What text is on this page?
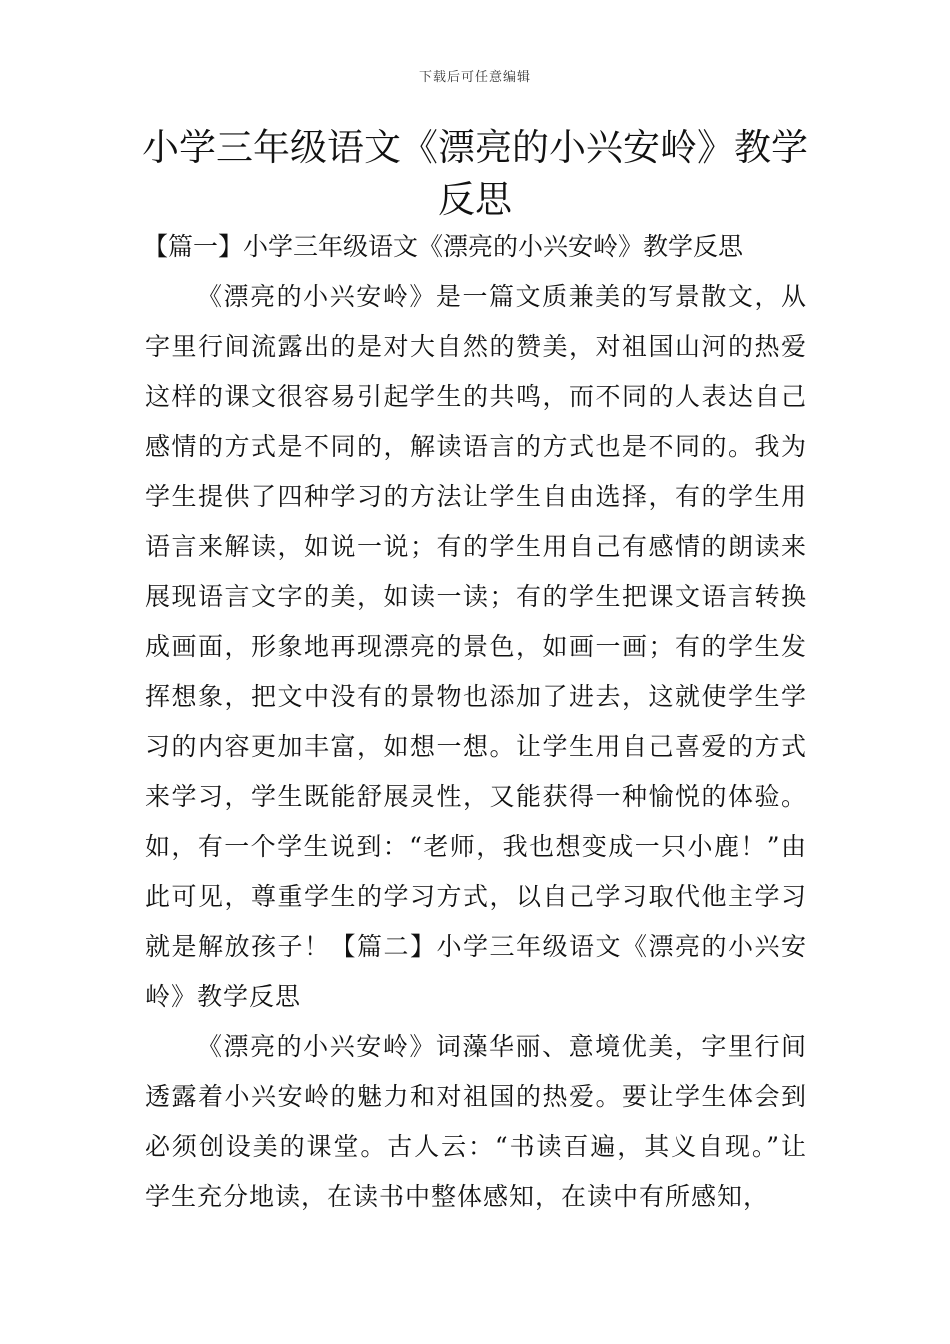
下载后可任意编辑
小学三年级语文《漂亮的小兴安岭》教学反思
【篇一】小学三年级语文《漂亮的小兴安岭》教学反思

《漂亮的小兴安岭》是一篇文质兼美的写景散文，从字里行间流露出的是对大自然的赞美，对祖国山河的热爱这样的课文很容易引起学生的共鸣，而不同的人表达自己感情的方式是不同的，解读语言的方式也是不同的。我为学生提供了四种学习的方法让学生自由选择，有的学生用语言来解读，如说一说；有的学生用自己有感情的朗读来展现语言文字的美，如读一读；有的学生把课文语言转换成画面，形象地再现漂亮的景色，如画一画；有的学生发挥想象，把文中没有的景物也添加了进去，这就使学生学习的内容更加丰富，如想一想。让学生用自己喜爱的方式来学习，学生既能舒展灵性，又能获得一种愉悦的体验。如，有一个学生说到：“老师，我也想变成一只小鹿！”由此可见，尊重学生的学习方式，以自己学习取代他主学习就是解放孩子！【篇二】小学三年级语文《漂亮的小兴安岭》教学反思

《漂亮的小兴安岭》词藻华丽、意境优美，字里行间透露着小兴安岭的魅力和对祖国的热爱。要让学生体会到必须创设美的课堂。古人云：“书读百遍，其义自现。”让学生充分地读，在读书中整体感知，在读中有所感知，
